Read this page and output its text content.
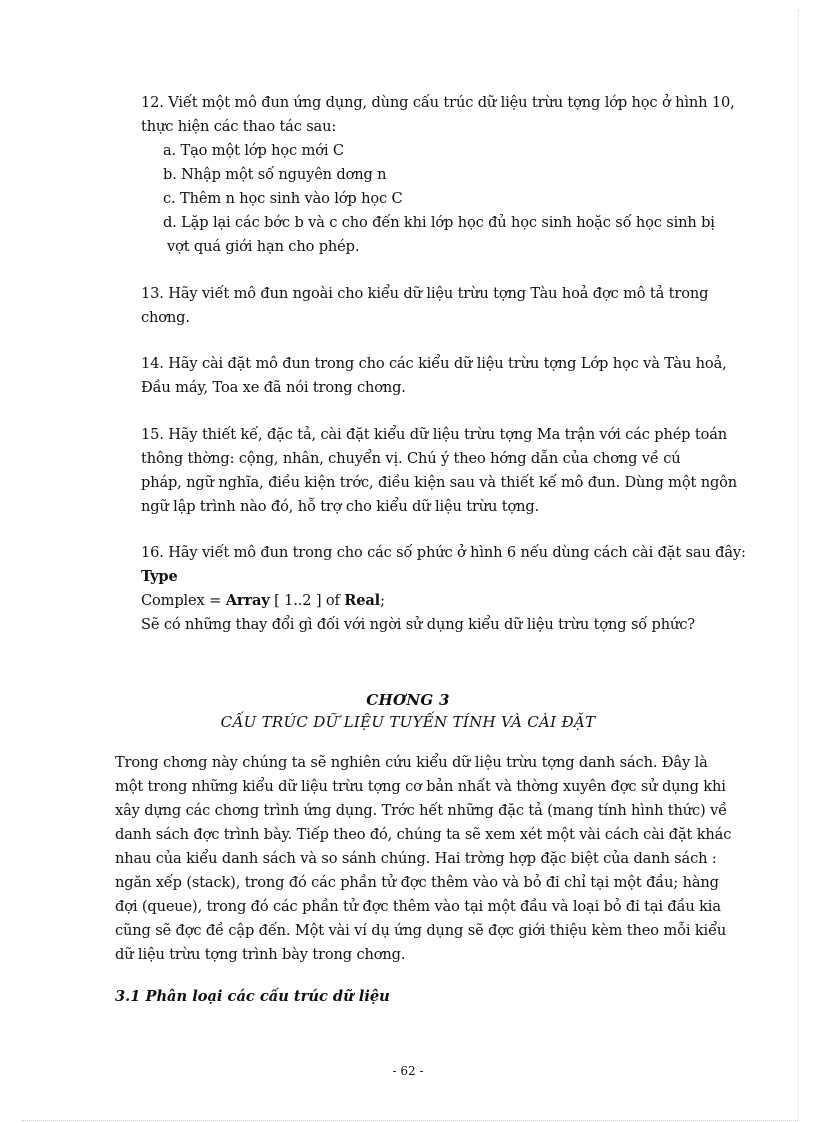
12. Viết một mô đun ứng dụng, dùng cấu trúc dữ liệu trừu tợng lớp học ở hình 10,
thực hiện các thao tác sau:
a. Tạo một lớp học mới C
b. Nhập một số nguyên dơng n
c. Thêm n học sinh vào lớp học C
d. Lặp lại các bớc b và c cho đến khi lớp học đủ học sinh hoặc số học sinh bị
vợt quá giới hạn cho phép.
13. Hãy viết mô đun ngoài cho kiểu dữ liệu trừu tợng Tàu hoả đợc mô tả trong
chơng.
14. Hãy cài đặt mô đun trong cho các kiểu dữ liệu trừu tợng Lớp học và Tàu hoả,
Đầu máy, Toa xe đã nói trong chơng.
15. Hãy thiết kế, đặc tả, cài đặt kiểu dữ liệu trừu tợng Ma trận với các phép toán
thông thờng: cộng, nhân, chuyển vị. Chú ý theo hớng dẫn của chơng về cú
pháp, ngữ nghĩa, điều kiện trớc, điều kiện sau và thiết kế mô đun. Dùng một ngôn
ngữ lập trình nào đó, hỗ trợ cho kiểu dữ liệu trừu tợng.
16. Hãy viết mô đun trong cho các số phức ở hình 6 nếu dùng cách cài đặt sau đây:
Type
Complex = Array [ 1..2 ] of Real;
Sẽ có những thay đổi gì đối với ngời sử dụng kiểu dữ liệu trừu tợng số phức?
CHƠNG 3
CẤU TRÚC DỮ LIỆU TUYẾN TÍNH VÀ CÀI ĐẶT
Trong chơng này chúng ta sẽ nghiên cứu kiểu dữ liệu trừu tợng danh sách. Đây là
một trong những kiểu dữ liệu trừu tợng cơ bản nhất và thờng xuyên đợc sử dụng khi
xây dựng các chơng trình ứng dụng. Trớc hết những đặc tả (mang tính hình thức) về
danh sách đợc trình bày. Tiếp theo đó, chúng ta sẽ xem xét một vài cách cài đặt khác
nhau của kiểu danh sách và so sánh chúng. Hai trờng hợp đặc biệt của danh sách :
ngăn xếp (stack), trong đó các phần tử đợc thêm vào và bỏ đi chỉ tại một đầu; hàng
đợi (queue), trong đó các phần tử đợc thêm vào tại một đầu và loại bỏ đi tại đầu kia
cũng sẽ đợc đề cập đến. Một vài ví dụ ứng dụng sẽ đợc giới thiệu kèm theo mỗi kiểu
dữ liệu trừu tợng trình bày trong chơng.
3.1 Phân loại các cấu trúc dữ liệu
- 62 -
